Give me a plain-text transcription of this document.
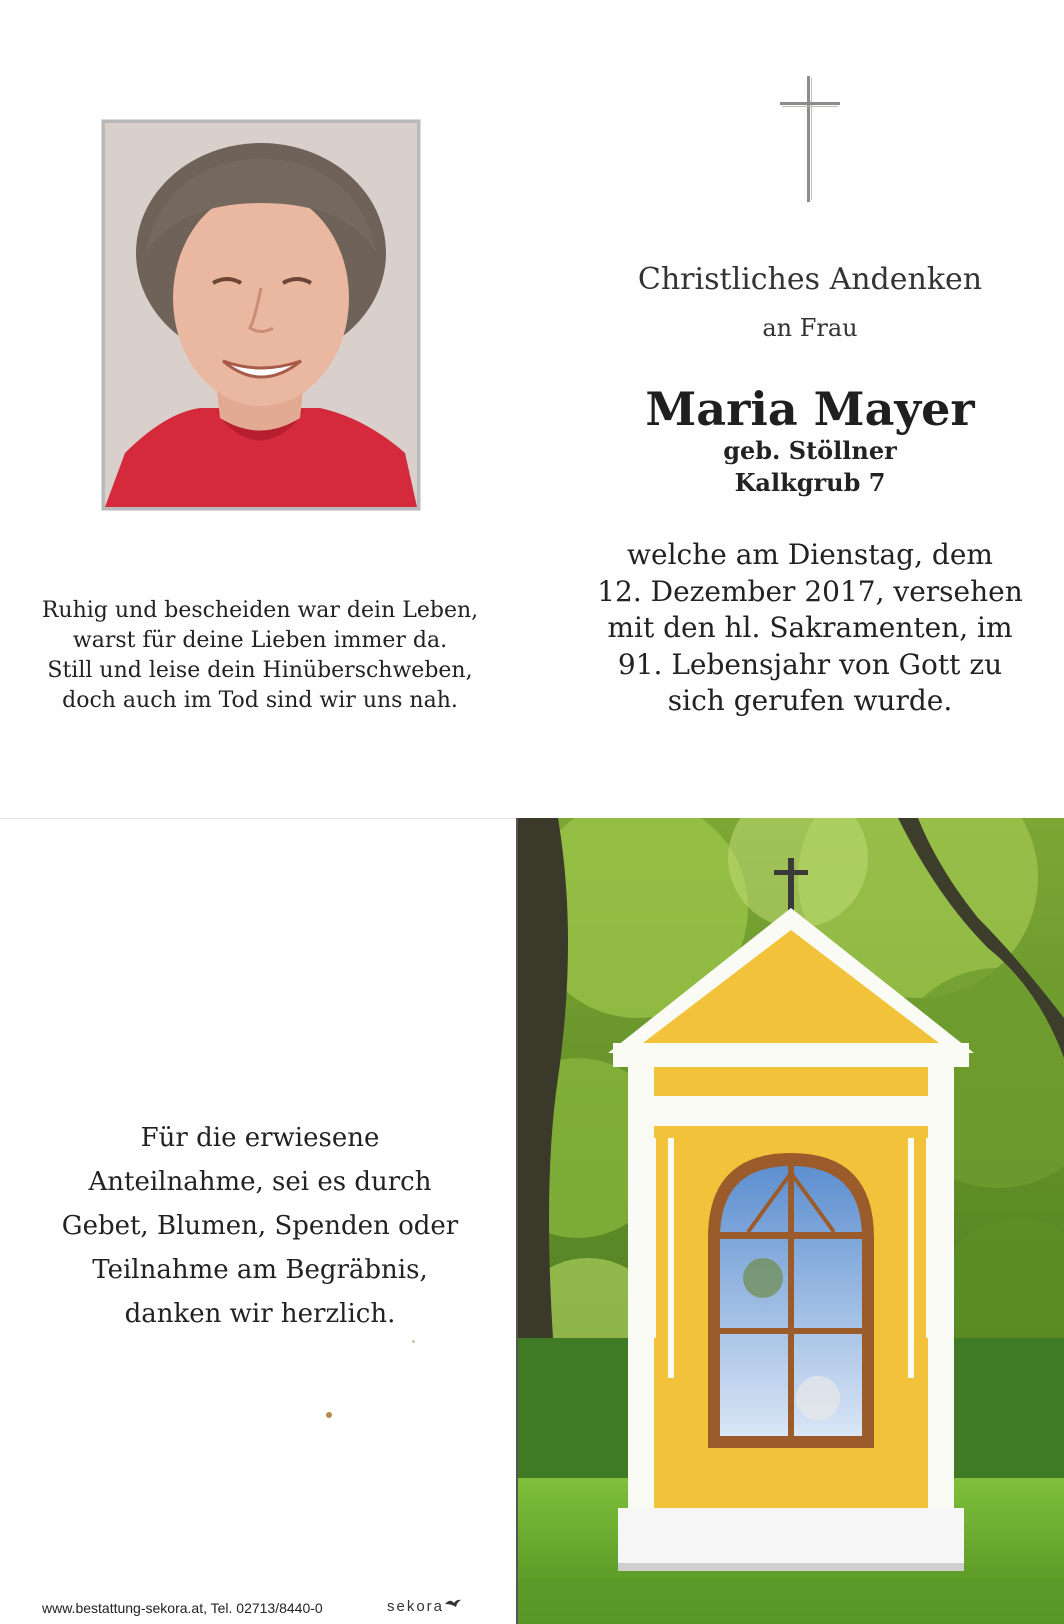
Christliches Andenken
an Frau
Maria Mayer
geb. Stöllner
Kalkgrub 7
welche am Dienstag, dem
12. Dezember 2017, versehen
mit den hl. Sakramenten, im
91. Lebensjahr von Gott zu
sich gerufen wurde.
Ruhig und bescheiden war dein Leben,
warst für deine Lieben immer da.
Still und leise dein Hinüberschweben,
doch auch im Tod sind wir uns nah.
Für die erwiesene
Anteilnahme, sei es durch
Gebet, Blumen, Spenden oder
Teilnahme am Begräbnis,
danken wir herzlich.
www.bestattung-sekora.at, Tel. 02713/8440-0	sekora
